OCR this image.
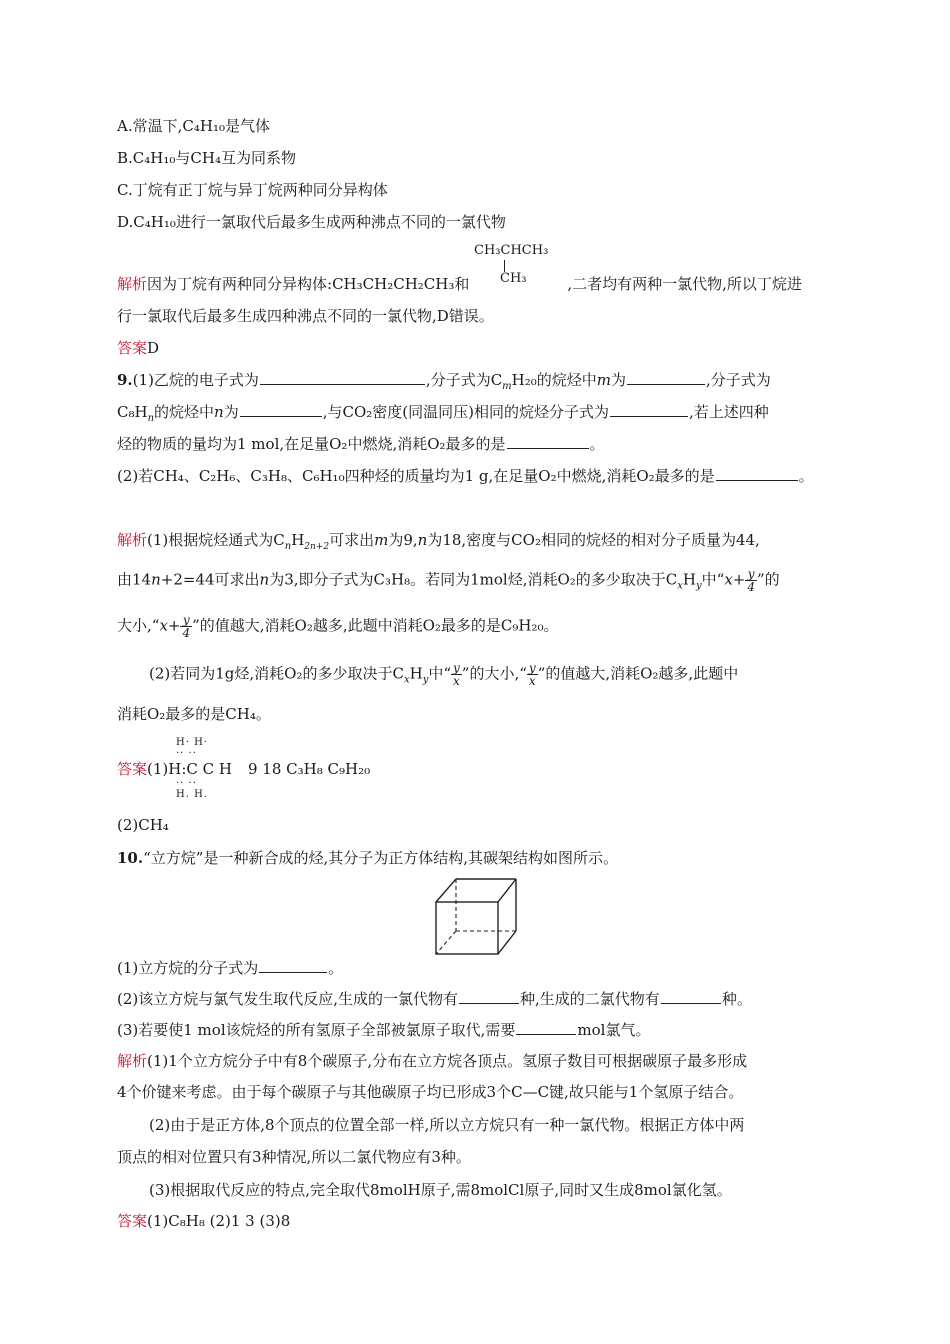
A.常温下,C₄H₁₀是气体
B.C₄H₁₀与CH₄互为同系物
C.丁烷有正丁烷与异丁烷两种同分异构体
D.C₄H₁₀进行一氯取代后最多生成两种沸点不同的一氯代物
CH₃CHCH₃
CH₃
解析因为丁烷有两种同分异构体:CH₃CH₂CH₂CH₃和	,二者均有两种一氯代物,所以丁烷进
行一氯取代后最多生成四种沸点不同的一氯代物,D错误。
答案D
9.(1)乙烷的电子式为	,分子式为$C_mH_{20}$的烷烃中m为	,分子式为
$C_8H_n$的烷烃中n为	,与CO₂密度(同温同压)相同的烷烃分子式为	,若上述四种
烃的物质的量均为1 mol,在足量O₂中燃烧,消耗O₂最多的是	。
(2)若CH₄、C₂H₆、C₃H₈、C₆H₁₀四种烃的质量均为1 g,在足量O₂中燃烧,消耗O₂最多的是	。
解析(1)根据烷烃通式为$C_nH_{2n+2}$可求出m为9,n为18,密度与CO₂相同的烷烃的相对分子质量为44,
由14n+2=44可求出n为3,即分子式为C₃H₈。若同为1mol烃,消耗O₂的多少取决于$C_xH_y$中“$x+ \frac{y}{4}$ ”的
大小,“x+ $\frac{y}{4}$ ”的值越大,消耗O₂越多,此题中消耗O₂最多的是C₉H₂₀。
(2)若同为1g烃,消耗O₂的多少取决于$C_xH_y$中“ $\frac{y}{x}$ ”的大小,“ $\frac{y}{x}$ ”的值越大,消耗O₂越多,此题中
消耗O₂最多的是CH₄。
H· H·
·· ··
答案(1)H:C C H 9 18 C₃H₈ C₉H₂₀
·· ··
H. H.
(2)CH₄
10.“立方烷”是一种新合成的烃,其分子为正方体结构,其碳架结构如图所示。
(1)立方烷的分子式为	。
(2)该立方烷与氯气发生取代反应,生成的一氯代物有	种,生成的二氯代物有	种。
(3)若要使1 mol该烷烃的所有氢原子全部被氯原子取代,需要	mol氯气。
解析(1)1个立方烷分子中有8个碳原子,分布在立方烷各顶点。氢原子数目可根据碳原子最多形成
4个价键来考虑。由于每个碳原子与其他碳原子均已形成3个C—C键,故只能与1个氢原子结合。
(2)由于是正方体,8个顶点的位置全部一样,所以立方烷只有一种一氯代物。根据正方体中两
顶点的相对位置只有3种情况,所以二氯代物应有3种。
(3)根据取代反应的特点,完全取代8molH原子,需8molCl原子,同时又生成8mol氯化氢。
答案(1)C₈H₈ (2)1 3 (3)8
